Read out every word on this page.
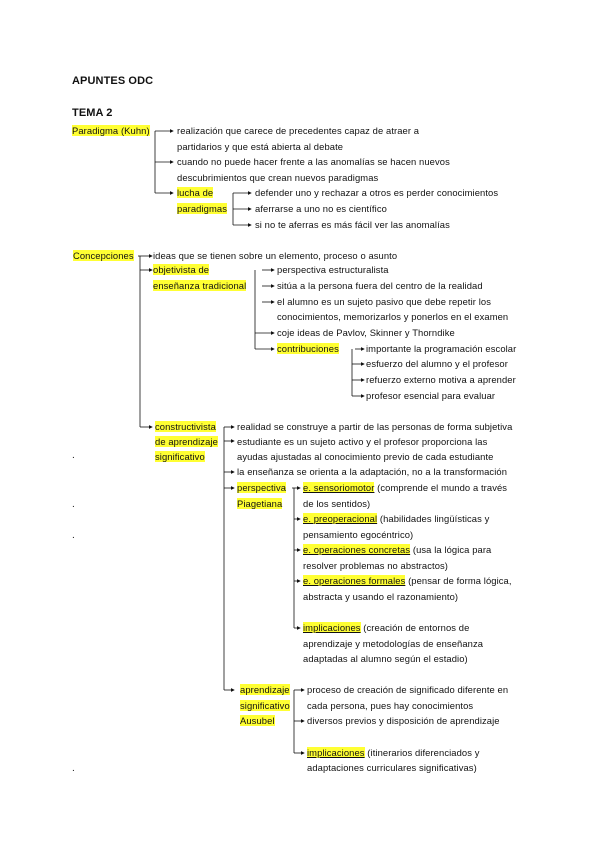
APUNTES ODC
TEMA 2
Paradigma (Kuhn)	realización que carece de precedentes capaz de atraer a
partidarios y que está abierta al debate
cuando no puede hacer frente a las anomalías se hacen nuevos
descubrimientos que crean nuevos paradigmas
lucha de
paradigmas
defender uno y rechazar a otros es perder conocimientos
aferrarse a uno no es científico
si no te aferras es más fácil ver las anomalías
Concepciones ideas que se tienen sobre un elemento, proceso o asunto
objetivista de
enseñanza tradicional
perspectiva estructuralista
sitúa a la persona fuera del centro de la realidad
el alumno es un sujeto pasivo que debe repetir los
conocimientos, memorizarlos y ponerlos en el examen
coje ideas de Pavlov, Skinner y Thorndike
contribuciones	importante la programación escolar
esfuerzo del alumno y el profesor
refuerzo externo motiva a aprender
profesor esencial para evaluar
constructivista
de aprendizaje
significativo
realidad se construye a partir de las personas de forma subjetiva
estudiante es un sujeto activo y el profesor proporciona las
ayudas ajustadas al conocimiento previo de cada estudiante
la enseñanza se orienta a la adaptación, no a la transformación
perspectiva
Piagetiana
e. sensoriomotor (comprende el mundo a través
de los sentidos)
e. preoperacional (habilidades lingüísticas y
pensamiento egocéntrico)
e. operaciones concretas (usa la lógica para
resolver problemas no abstractos)
e. operaciones formales (pensar de forma lógica,
abstracta y usando el razonamiento)
implicaciones (creación de entornos de
aprendizaje y metodologías de enseñanza
adaptadas al alumno según el estadio)
aprendizaje
significativo
Ausubel
proceso de creación de significado diferente en
cada persona, pues hay conocimientos
diversos previos y disposición de aprendizaje
implicaciones (itinerarios diferenciados y
adaptaciones curriculares significativas)
.
.
.
.
